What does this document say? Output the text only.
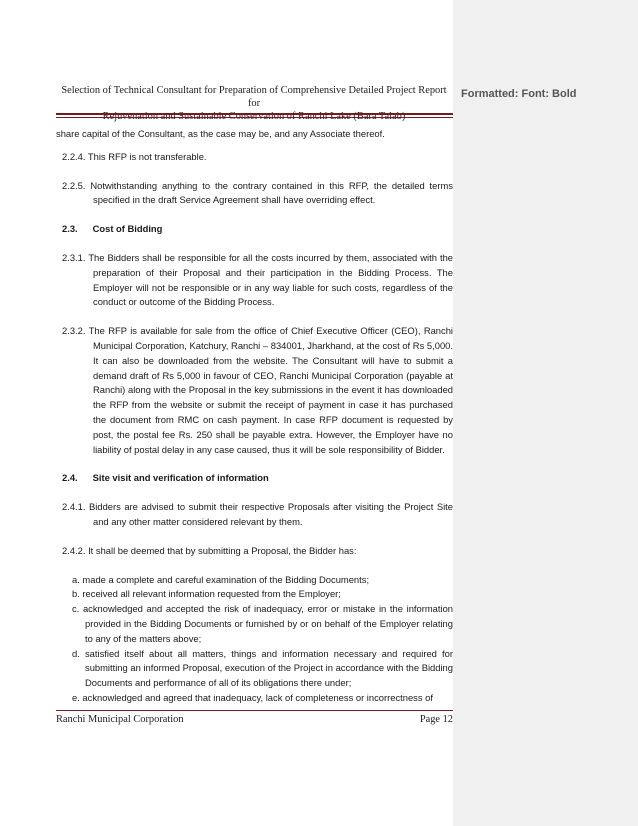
Formatted: Font: Bold
Selection of Technical Consultant for Preparation of Comprehensive Detailed Project Report for

share capital of the Consultant, as the case may be, and any Associate thereof.

2.2.4. This RFP is not transferable.

2.2.5. Notwithstanding anything to the contrary contained in this RFP, the detailed terms specified in the draft Service Agreement shall have overriding effect.

2.3. Cost of Bidding

2.3.1. The Bidders shall be responsible for all the costs incurred by them, associated with the preparation of their Proposal and their participation in the Bidding Process. The Employer will not be responsible or in any way liable for such costs, regardless of the conduct or outcome of the Bidding Process.

2.3.2. The RFP is available for sale from the office of Chief Executive Officer (CEO), Ranchi Municipal Corporation, Katchury, Ranchi – 834001, Jharkhand, at the cost of Rs 5,000. It can also be downloaded from the website. The Consultant will have to submit a demand draft of Rs 5,000 in favour of CEO, Ranchi Municipal Corporation (payable at Ranchi) along with the Proposal in the key submissions in the event it has downloaded the RFP from the website or submit the receipt of payment in case it has purchased the document from RMC on cash payment. In case RFP document is requested by post, the postal fee Rs. 250 shall be payable extra. However, the Employer have no liability of postal delay in any case caused, thus it will be sole responsibility of Bidder.

2.4. Site visit and verification of information

2.4.1. Bidders are advised to submit their respective Proposals after visiting the Project Site and any other matter considered relevant by them.

2.4.2. It shall be deemed that by submitting a Proposal, the Bidder has:

a. made a complete and careful examination of the Bidding Documents;

b. received all relevant information requested from the Employer;

c. acknowledged and accepted the risk of inadequacy, error or mistake in the information provided in the Bidding Documents or furnished by or on behalf of the Employer relating to any of the matters above;

d. satisfied itself about all matters, things and information necessary and required for submitting an informed Proposal, execution of the Project in accordance with the Bidding Documents and performance of all of its obligations there under;

e. acknowledged and agreed that inadequacy, lack of completeness or incorrectness of

Ranchi Municipal Corporation	Page 12
